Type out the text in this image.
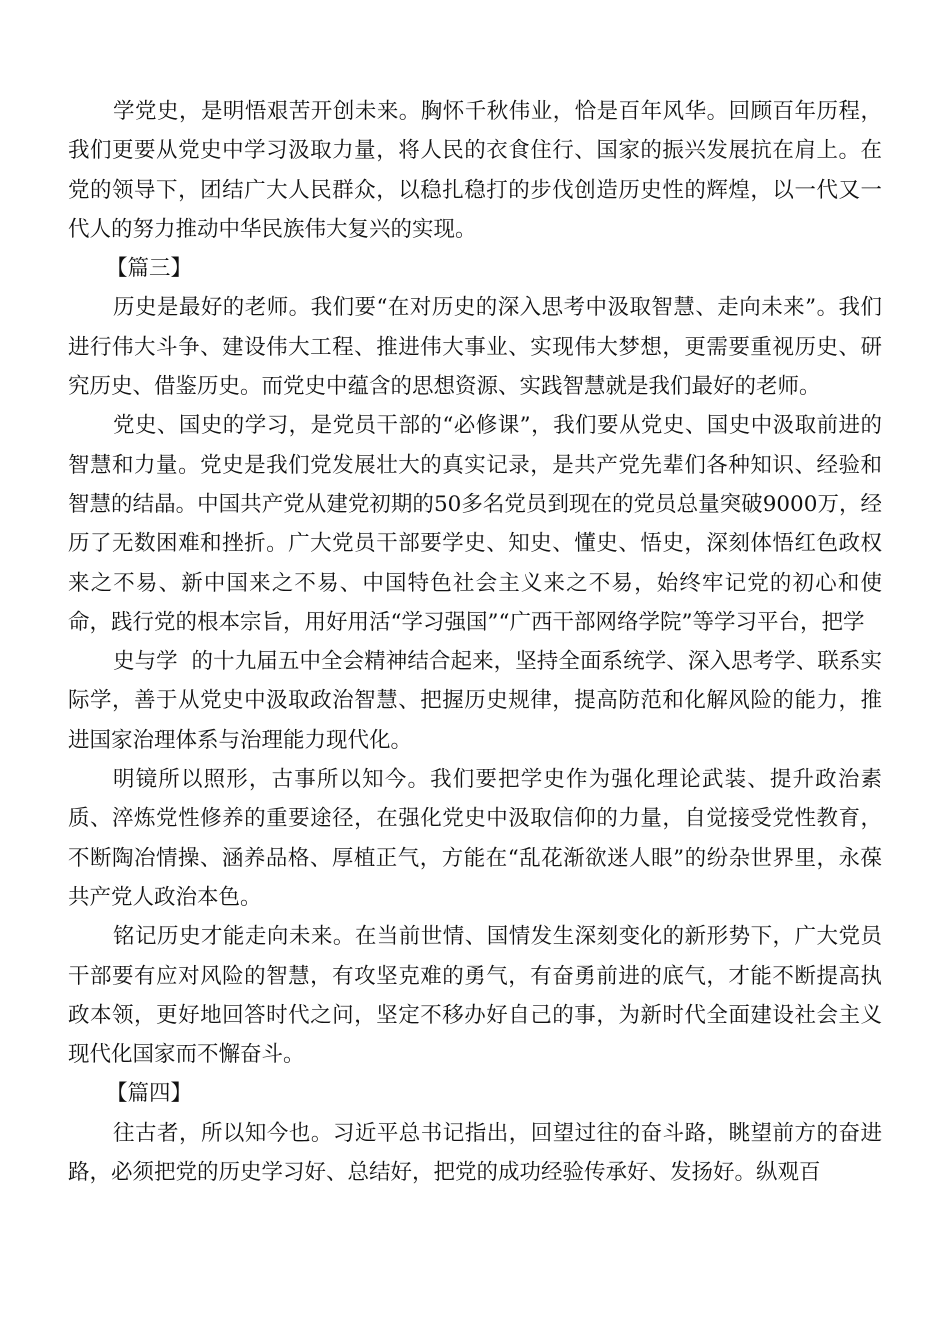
学党史，是明悟艰苦开创未来。胸怀千秋伟业，恰是百年风华。回顾百年历程，我们更要从党史中学习汲取力量，将人民的衣食住行、国家的振兴发展抗在肩上。在党的领导下，团结广大人民群众，以稳扎稳打的步伐创造历史性的辉煌，以一代又一代人的努力推动中华民族伟大复兴的实现。

【篇三】

历史是最好的老师。我们要“在对历史的深入思考中汲取智慧、走向未来”。我们进行伟大斗争、建设伟大工程、推进伟大事业、实现伟大梦想，更需要重视历史、研究历史、借鉴历史。而党史中蕴含的思想资源、实践智慧就是我们最好的老师。

党史、国史的学习，是党员干部的“必修课”，我们要从党史、国史中汲取前进的智慧和力量。党史是我们党发展壮大的真实记录，是共产党先辈们各种知识、经验和智慧的结晶。中国共产党从建党初期的50多名党员到现在的党员总量突破9000万，经历了无数困难和挫折。广大党员干部要学史、知史、懂史、悟史，深刻体悟红色政权来之不易、新中国来之不易、中国特色社会主义来之不易，始终牢记党的初心和使命，践行党的根本宗旨，用好用活“学习强国”“广西干部网络学院”等学习平台，把学

史与学  的十九届五中全会精神结合起来，坚持全面系统学、深入思考学、联系实际学，善于从党史中汲取政治智慧、把握历史规律，提高防范和化解风险的能力，推进国家治理体系与治理能力现代化。

明镜所以照形，古事所以知今。我们要把学史作为强化理论武装、提升政治素质、淬炼党性修养的重要途径，在强化党史中汲取信仰的力量，自觉接受党性教育，不断陶冶情操、涵养品格、厚植正气，方能在“乱花渐欲迷人眼”的纷杂世界里，永葆共产党人政治本色。

铭记历史才能走向未来。在当前世情、国情发生深刻变化的新形势下，广大党员干部要有应对风险的智慧，有攻坚克难的勇气，有奋勇前进的底气，才能不断提高执政本领，更好地回答时代之问，坚定不移办好自己的事，为新时代全面建设社会主义现代化国家而不懈奋斗。

【篇四】

往古者，所以知今也。习近平总书记指出，回望过往的奋斗路，眺望前方的奋进路，必须把党的历史学习好、总结好，把党的成功经验传承好、发扬好。纵观百
